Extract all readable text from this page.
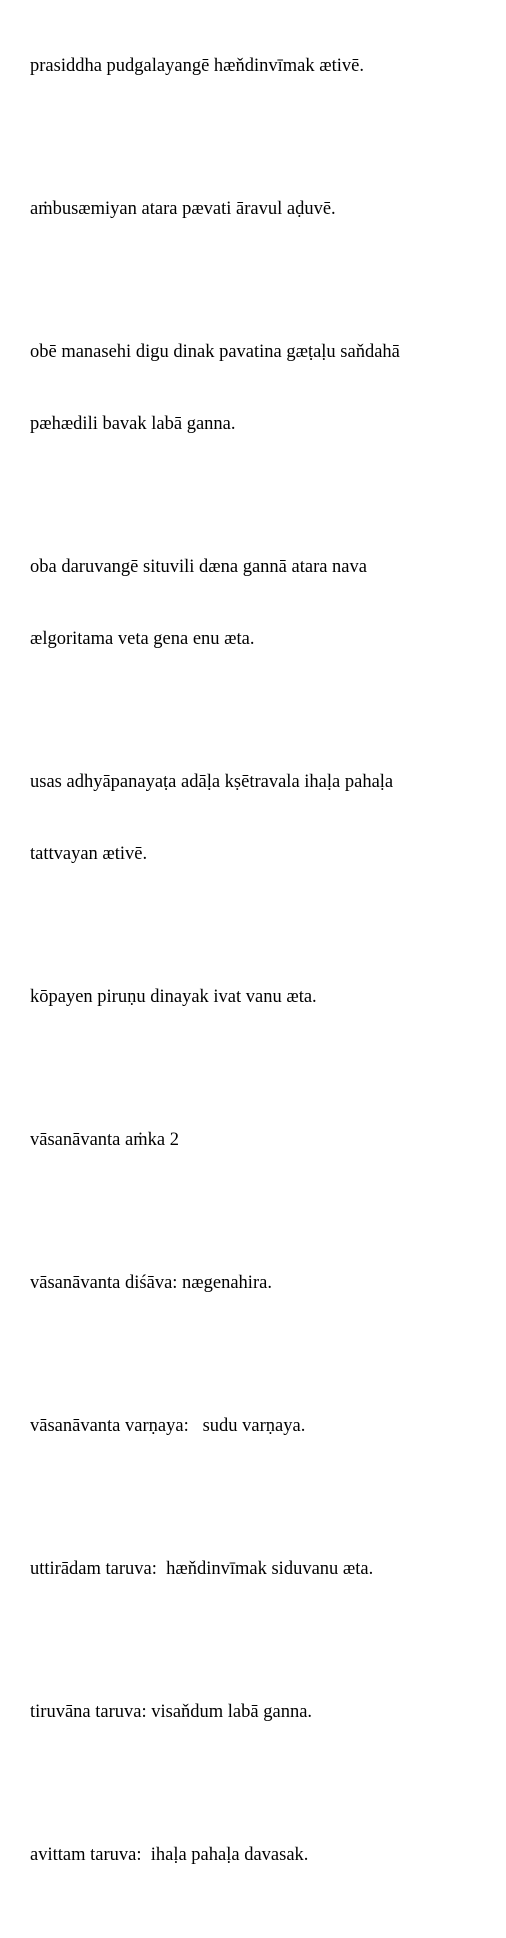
prasiddha pudgalayangē hæňdinvīmak ætivē.

aṁbusæmiyan atara pævati āravul aḍuvē.

obē manasehi digu dinak pavatina gæṭaḷu saňdahā

pæhædili bavak labā ganna.

oba daruvangē situvili dæna gannā atara nava

ælgoritama veta gena enu æta.

usas adhyāpanayaṭa adāḷa kṣētravala ihaḷa pahaḷa

tattvayan ætivē.

kōpayen piruṇu dinayak ivat vanu æta.

vāsanāvanta aṁka 2

vāsanāvanta diśāva: nægenahira.

vāsanāvanta varṇaya:   sudu varṇaya.

uttirādam taruva:  hæňdinvīmak siduvanu æta.

tiruvāna taruva: visaňdum labā ganna.

avittam taruva:  ihaḷa pahaḷa davasak.
